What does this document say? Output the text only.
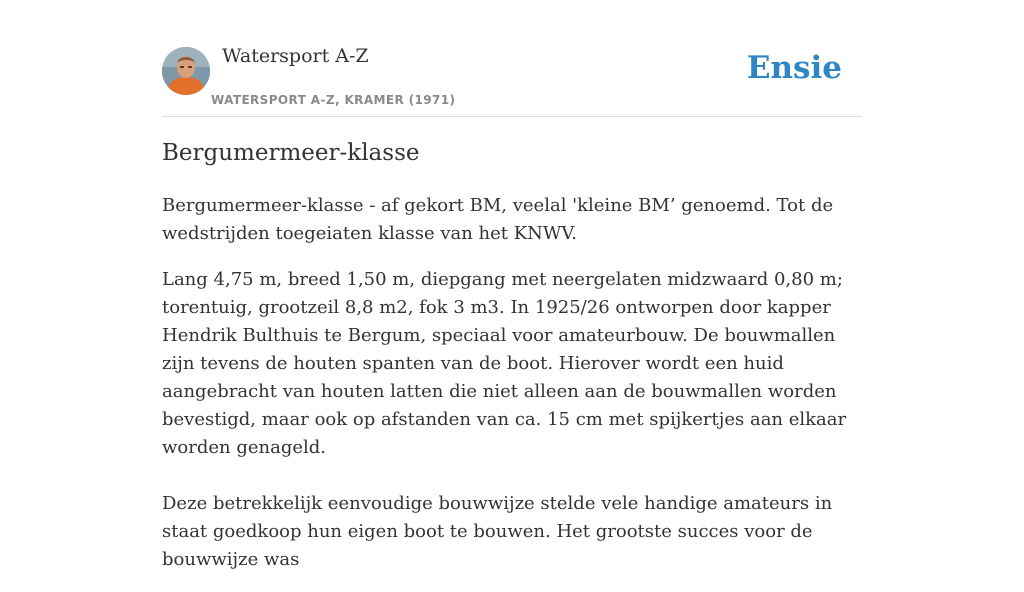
Watersport A-Z
WATERSPORT A-Z, KRAMER (1971)
Ensie
Bergumermeer-klasse

Bergumermeer-klasse - af gekort BM, veelal 'kleine BM’ genoemd. Tot de wedstrijden toegeiaten klasse van het KNWV.

Lang 4,75 m, breed 1,50 m, diepgang met neergelaten midzwaard 0,80 m; torentuig, grootzeil 8,8 m2, fok 3 m3. In 1925/26 ontworpen door kapper Hendrik Bulthuis te Bergum, speciaal voor amateurbouw. De bouwmallen zijn tevens de houten spanten van de boot. Hierover wordt een huid aangebracht van houten latten die niet alleen aan de bouwmallen worden bevestigd, maar ook op afstanden van ca. 15 cm met spijkertjes aan elkaar worden genageld.

Deze betrekkelijk eenvoudige bouwwijze stelde vele handige amateurs in staat goedkoop hun eigen boot te bouwen. Het grootste succes voor de bouwwijze was
